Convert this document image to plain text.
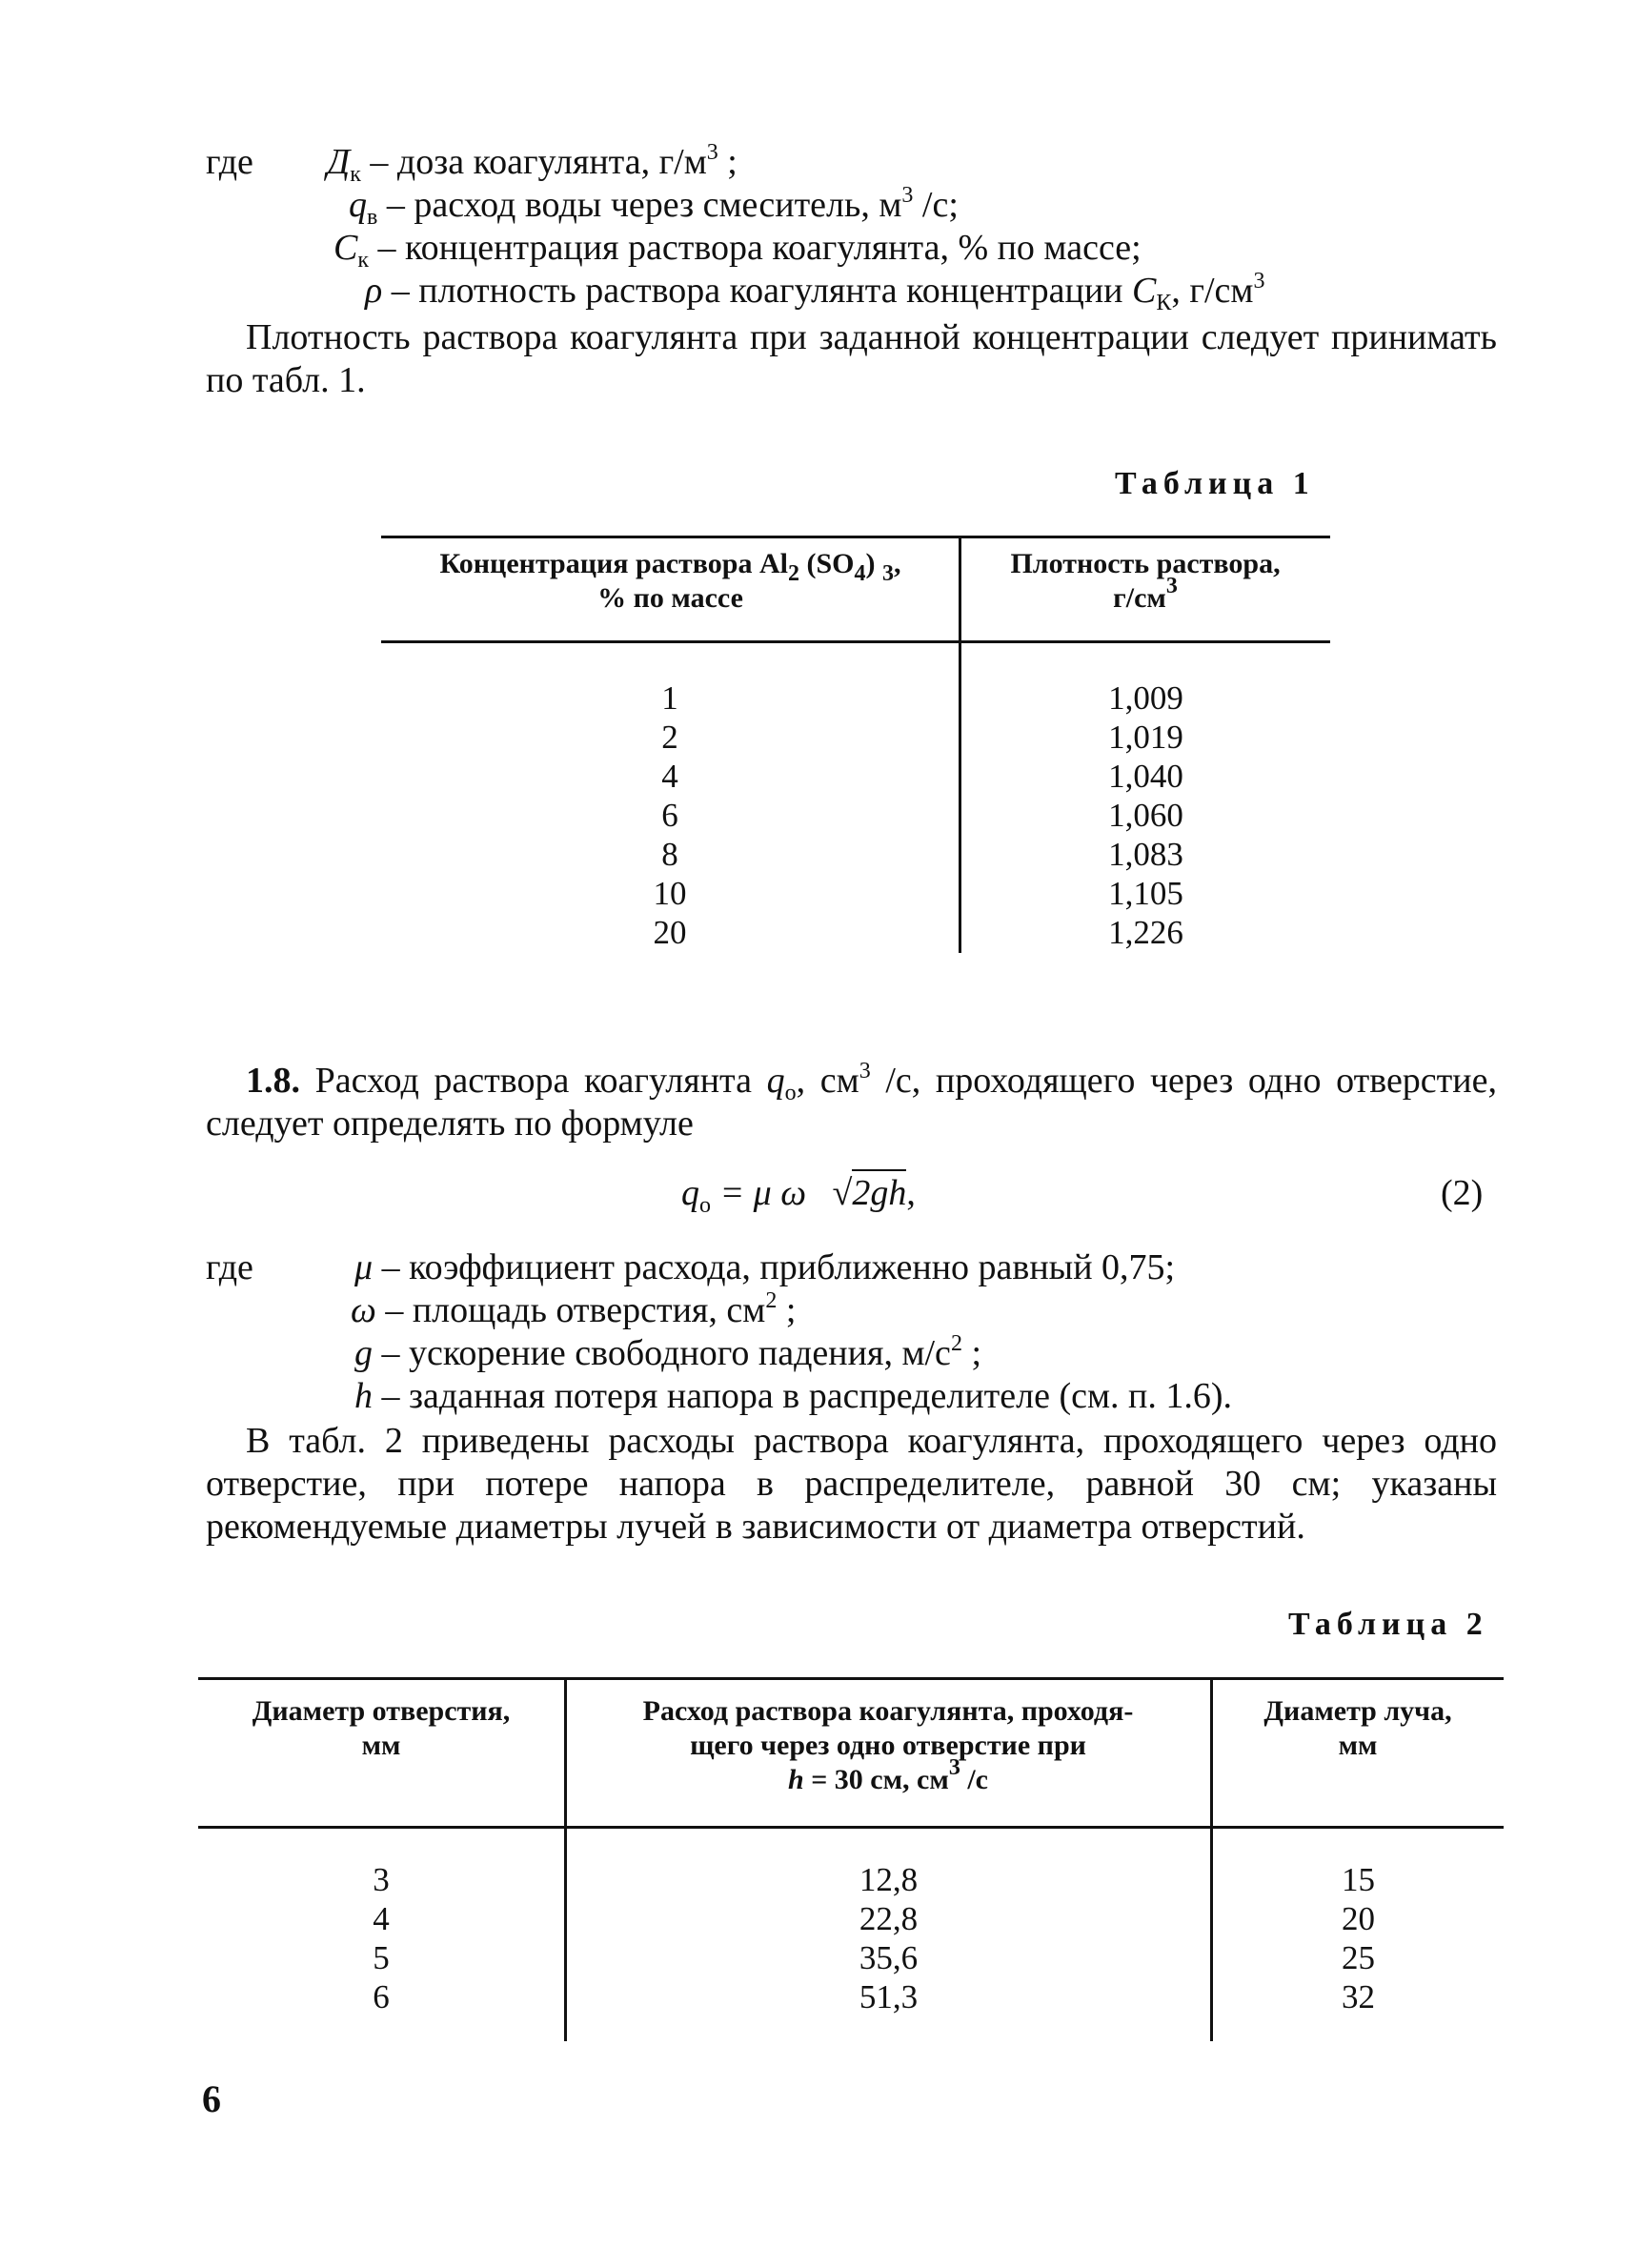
где $Д_к$ – доза коагулянта, $г/м^3$ ;
$q_в$ – расход воды через смеситель, $м^3$ /с;
$C_к$ – концентрация раствора коагулянта, % по массе;
ρ – плотность раствора коагулянта концентрации $C_К$, $г/см^3$
Плотность раствора коагулянта при заданной концентрации следует принимать по табл. 1.
Таблица 1
Концентрация раствора $Al_2$ $(SO_4)$ $_3$,
% по массе
Плотность раствора,
$г/см^3$
1
2
4
6
8
10
20
1,009
1,019
1,040
1,060
1,083
1,105
1,226
1.8. Расход раствора коагулянта $q_о$, $см^3$ /с, проходящего через одно отверстие, следует определять по формуле
$q_о = \mu$ ω √2gh,	(2)
где	μ – коэффициент расхода, приближенно равный 0,75;
ω – площадь отверстия, $см^2$ ;
g – ускорение свободного падения, $м/с^2$ ;
h – заданная потеря напора в распределителе (см. п. 1.6).
В табл. 2 приведены расходы раствора коагулянта, проходящего через одно отверстие, при потере напора в распределителе, равной 30 см; указаны рекомендуемые диаметры лучей в зависимости от диаметра отверстий.
Таблица 2
Диаметр отверстия,
мм
Расход раствора коагулянта, проходя-
щего через одно отверстие при
h = 30 см, $см^3$ /с
Диаметр луча,
мм
3
4
5
6
12,8
22,8
35,6
51,3
15
20
25
32
6
